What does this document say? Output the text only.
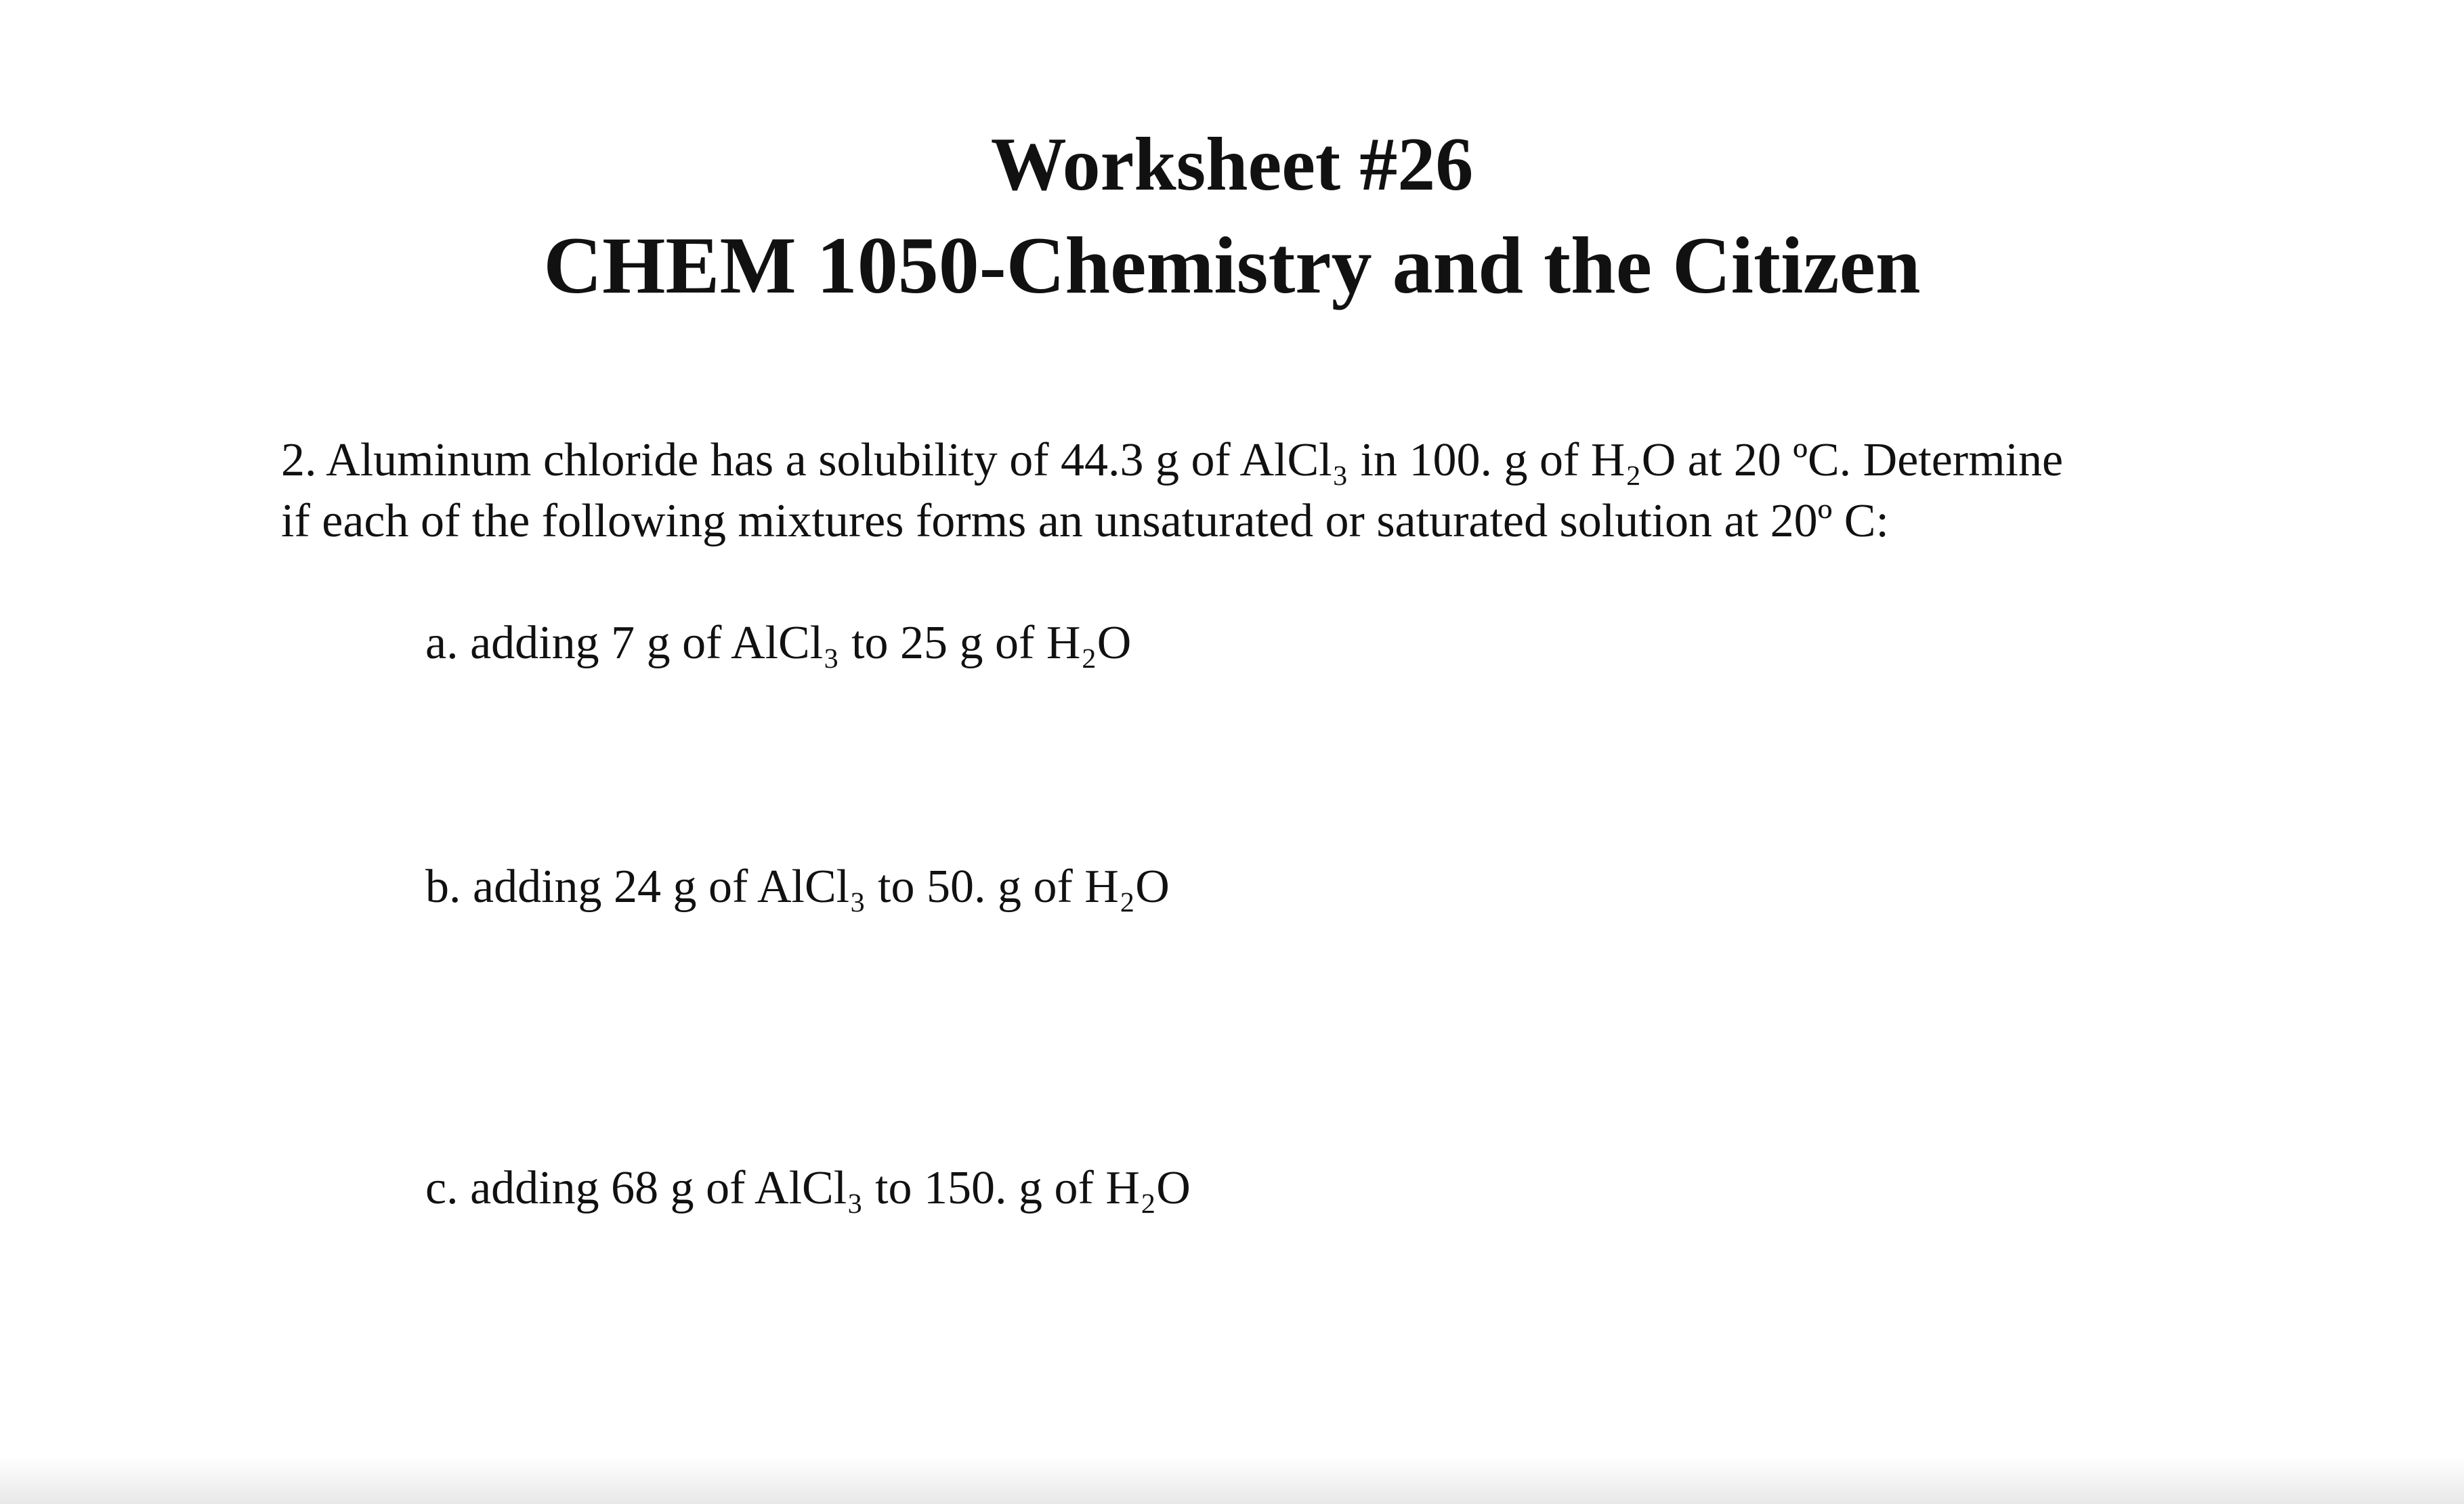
Worksheet #26
CHEM 1050-Chemistry and the Citizen
2. Aluminum chloride has a solubility of 44.3 g of AlCl₃ in 100. g of H₂O at 20 ºC. Determine
if each of the following mixtures forms an unsaturated or saturated solution at 20º C:
a. adding 7 g of AlCl₃ to 25 g of H₂O
b. adding 24 g of AlCl₃ to 50. g of H₂O
c. adding 68 g of AlCl₃ to 150. g of H₂O
